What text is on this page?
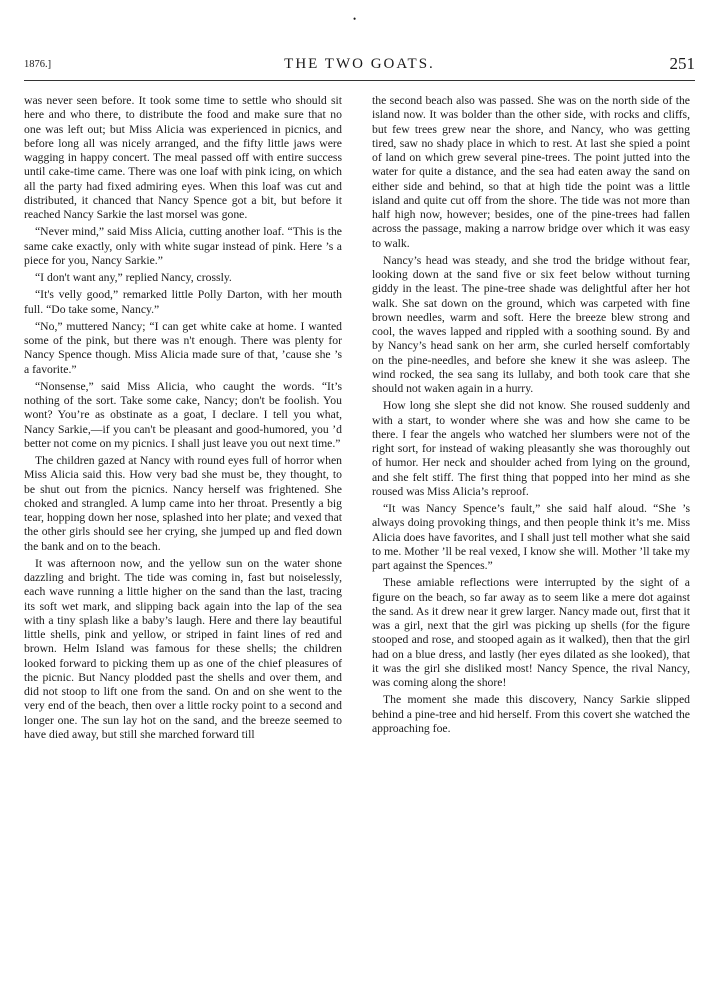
•
1876.]	THE TWO GOATS.	251

was never seen before. It took some time to settle who should sit here and who there, to distribute the food and make sure that no one was left out; but Miss Alicia was experienced in picnics, and before long all was nicely arranged, and the fifty little jaws were wagging in happy concert. The meal passed off with entire success until cake-time came. There was one loaf with pink icing, on which all the party had fixed admiring eyes. When this loaf was cut and distributed, it chanced that Nancy Spence got a bit, but before it reached Nancy Sarkie the last morsel was gone.

“Never mind,” said Miss Alicia, cutting another loaf. “This is the same cake exactly, only with white sugar instead of pink. Here ’s a piece for you, Nancy Sarkie.”

“I don't want any,” replied Nancy, crossly.

“It's velly good,” remarked little Polly Darton, with her mouth full. “Do take some, Nancy.”

“No,” muttered Nancy; “I can get white cake at home. I wanted some of the pink, but there was n't enough. There was plenty for Nancy Spence though. Miss Alicia made sure of that, ’cause she ’s a favorite.”

“Nonsense,” said Miss Alicia, who caught the words. “It’s nothing of the sort. Take some cake, Nancy; don't be foolish. You wont? You’re as obstinate as a goat, I declare. I tell you what, Nancy Sarkie,—if you can't be pleasant and good-humored, you ’d better not come on my picnics. I shall just leave you out next time.”

The children gazed at Nancy with round eyes full of horror when Miss Alicia said this. How very bad she must be, they thought, to be shut out from the picnics. Nancy herself was frightened. She choked and strangled. A lump came into her throat. Presently a big tear, hopping down her nose, splashed into her plate; and vexed that the other girls should see her crying, she jumped up and fled down the bank and on to the beach.

It was afternoon now, and the yellow sun on the water shone dazzling and bright. The tide was coming in, fast but noiselessly, each wave running a little higher on the sand than the last, tracing its soft wet mark, and slipping back again into the lap of the sea with a tiny splash like a baby’s laugh. Here and there lay beautiful little shells, pink and yellow, or striped in faint lines of red and brown. Helm Island was famous for these shells; the children looked forward to picking them up as one of the chief pleasures of the picnic. But Nancy plodded past the shells and over them, and did not stoop to lift one from the sand. On and on she went to the very end of the beach, then over a little rocky point to a second and longer one. The sun lay hot on the sand, and the breeze seemed to have died away, but still she marched forward till

the second beach also was passed. She was on the north side of the island now. It was bolder than the other side, with rocks and cliffs, but few trees grew near the shore, and Nancy, who was getting tired, saw no shady place in which to rest. At last she spied a point of land on which grew several pine-trees. The point jutted into the water for quite a distance, and the sea had eaten away the sand on either side and behind, so that at high tide the point was a little island and quite cut off from the shore. The tide was not more than half high now, however; besides, one of the pine-trees had fallen across the passage, making a narrow bridge over which it was easy to walk.

Nancy’s head was steady, and she trod the bridge without fear, looking down at the sand five or six feet below without turning giddy in the least. The pine-tree shade was delightful after her hot walk. She sat down on the ground, which was carpeted with fine brown needles, warm and soft. Here the breeze blew strong and cool, the waves lapped and rippled with a soothing sound. By and by Nancy’s head sank on her arm, she curled herself comfortably on the pine-needles, and before she knew it she was asleep. The wind rocked, the sea sang its lullaby, and both took care that she should not waken again in a hurry.

How long she slept she did not know. She roused suddenly and with a start, to wonder where she was and how she came to be there. I fear the angels who watched her slumbers were not of the right sort, for instead of waking pleasantly she was thoroughly out of humor. Her neck and shoulder ached from lying on the ground, and she felt stiff. The first thing that popped into her mind as she roused was Miss Alicia’s reproof.

“It was Nancy Spence’s fault,” she said half aloud. “She ’s always doing provoking things, and then people think it’s me. Miss Alicia does have favorites, and I shall just tell mother what she said to me. Mother ’ll be real vexed, I know she will. Mother ’ll take my part against the Spences.”

These amiable reflections were interrupted by the sight of a figure on the beach, so far away as to seem like a mere dot against the sand. As it drew near it grew larger. Nancy made out, first that it was a girl, next that the girl was picking up shells (for the figure stooped and rose, and stooped again as it walked), then that the girl had on a blue dress, and lastly (her eyes dilated as she looked), that it was the girl she disliked most! Nancy Spence, the rival Nancy, was coming along the shore!

The moment she made this discovery, Nancy Sarkie slipped behind a pine-tree and hid herself. From this covert she watched the approaching foe.
